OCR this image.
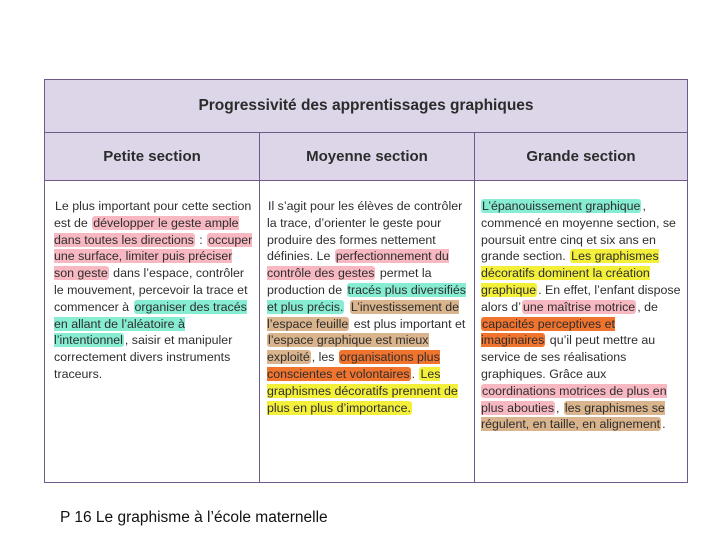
Progressivité des apprentissages graphiques
Petite section	Moyenne section	Grande section
Le plus important pour cette section est de développer le geste ample dans toutes les directions : occuper une surface, limiter puis préciser son geste dans l’espace, contrôler le mouvement, percevoir la trace et commencer à organiser des tracés en allant de l’aléatoire à l’intentionnel , saisir et manipuler correctement divers instruments traceurs.
Il s’agit pour les élèves de contrôler la trace, d’orienter le geste pour produire des formes nettement définies. Le perfectionnement du contrôle des gestes permet la production de tracés plus diversifiés et plus précis. L’investissement de l’espace feuille est plus important et l’espace graphique est mieux exploité , les organisations plus conscientes et volontaires . Les graphismes décoratifs prennent de plus en plus d’importance.
L’épanouissement graphique , commencé en moyenne section, se poursuit entre cinq et six ans en grande section. Les graphismes décoratifs dominent la création graphique . En effet, l’enfant dispose alors d’ une maîtrise motrice , de capacités perceptives et imaginaires qu’il peut mettre au service de ses réalisations graphiques. Grâce aux coordinations motrices de plus en plus abouties , les graphismes se régulent, en taille, en alignement .
P 16 Le graphisme à l’école maternelle
